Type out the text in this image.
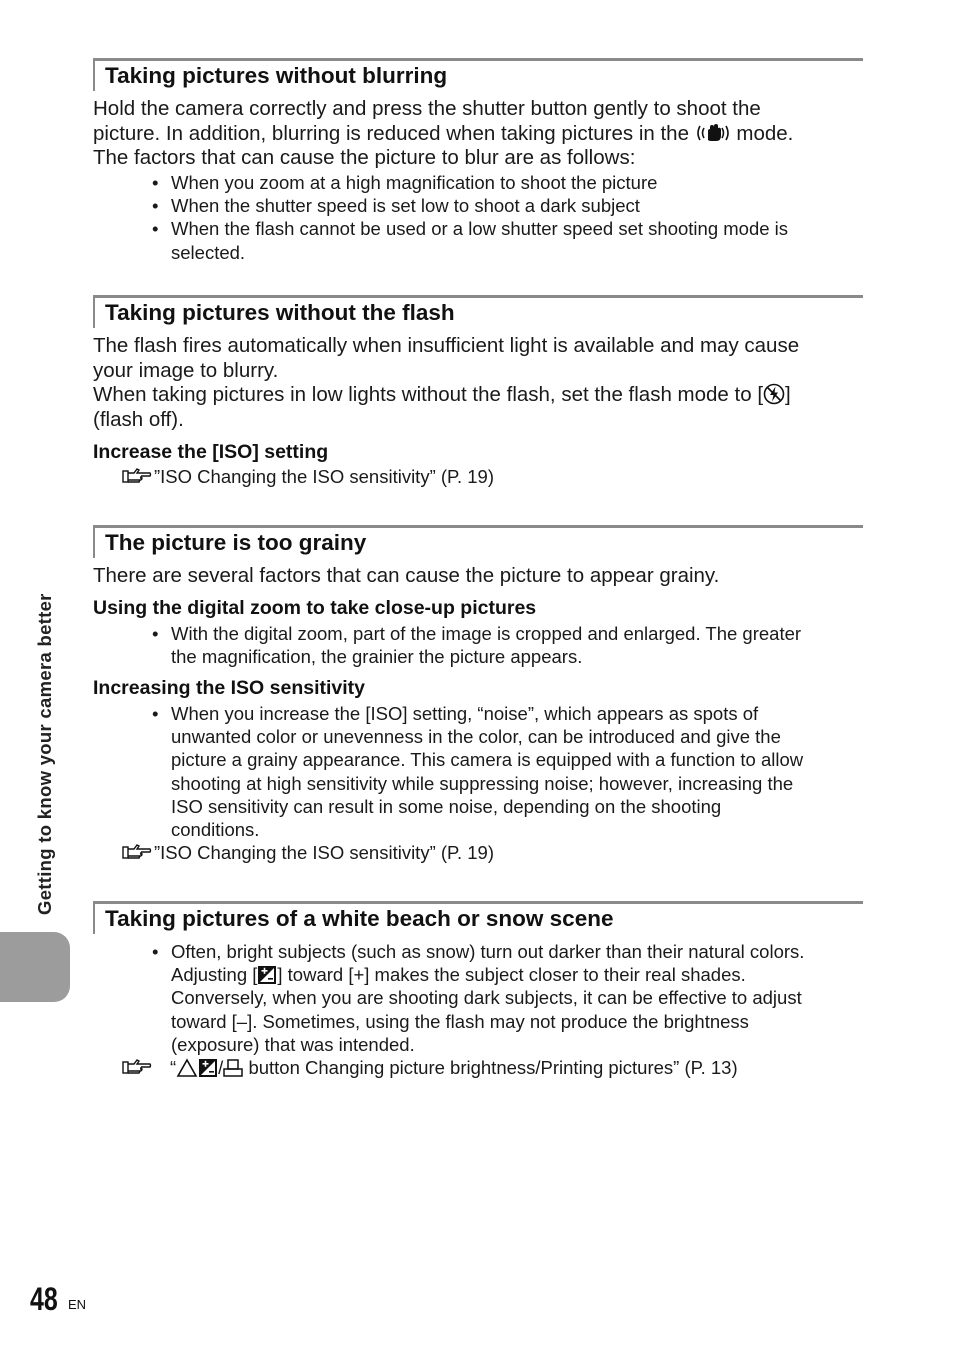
Taking pictures without blurring
Hold the camera correctly and press the shutter button gently to shoot the
picture. In addition, blurring is reduced when taking pictures in the  mode.
The factors that can cause the picture to blur are as follows:
• When you zoom at a high magnification to shoot the picture
• When the shutter speed is set low to shoot a dark subject
• When the flash cannot be used or a low shutter speed set shooting mode is
selected.
Taking pictures without the flash
The flash fires automatically when insufficient light is available and may cause
your image to blurry.
When taking pictures in low lights without the flash, set the flash mode to [ ]
(flash off).

Increase the [ISO] setting

”ISO Changing the ISO sensitivity” (P. 19)

The picture is too grainy
There are several factors that can cause the picture to appear grainy.

Using the digital zoom to take close-up pictures

• With the digital zoom, part of the image is cropped and enlarged. The greater
the magnification, the grainier the picture appears.

Increasing the ISO sensitivity

• When you increase the [ISO] setting, “noise”, which appears as spots of
unwanted color or unevenness in the color, can be introduced and give the
picture a grainy appearance. This camera is equipped with a function to allow
shooting at high sensitivity while suppressing noise; however, increasing the
ISO sensitivity can result in some noise, depending on the shooting
conditions.

”ISO Changing the ISO sensitivity” (P. 19)

Taking pictures of a white beach or snow scene
• Often, bright subjects (such as snow) turn out darker than their natural colors.
Adjusting [ ] toward [+] makes the subject closer to their real shades.
Conversely, when you are shooting dark subjects, it can be effective to adjust
toward [–]. Sometimes, using the flash may not produce the brightness
(exposure) that was intended.

“ / button Changing picture brightness/Printing pictures” (P. 13)

Getting to know your camera better
48 EN
